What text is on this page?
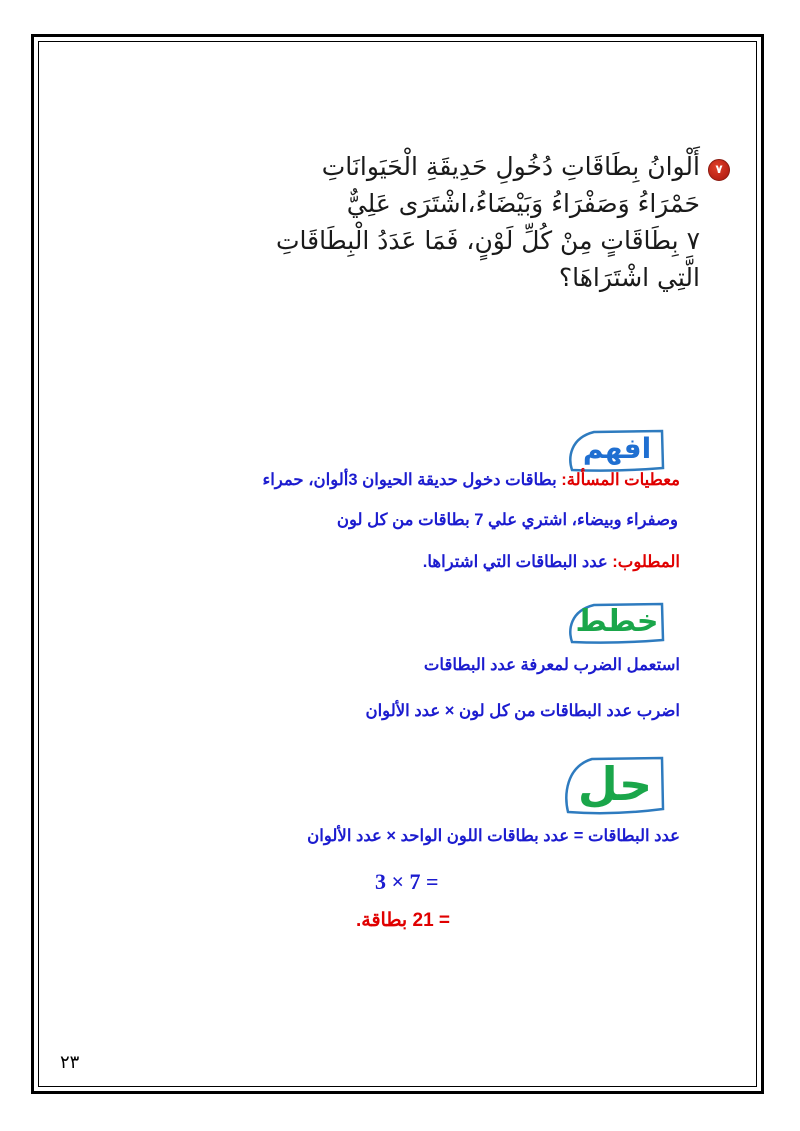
٧
أَلْوانُ بِطَاقَاتِ دُخُولِ حَدِيقَةِ الْحَيَوانَاتِ
حَمْرَاءُ وَصَفْرَاءُ وَبَيْضَاءُ،اشْتَرَى عَلِيٌّ
٧ بِطَاقَاتٍ مِنْ كُلِّ لَوْنٍ، فَمَا عَدَدُ الْبِطَاقَاتِ
الَّتِي اشْتَرَاهَا؟
افهم
معطيات المسألة: بطاقات دخول حديقة الحيوان 3ألوان، حمراء
وصفراء وبيضاء، اشتري علي 7 بطاقات من كل لون
المطلوب: عدد البطاقات التي اشتراها.
خطط
استعمل الضرب لمعرفة عدد البطاقات
اضرب عدد البطاقات من كل لون × عدد الألوان
حل
عدد البطاقات = عدد بطاقات اللون الواحد × عدد الألوان
3 × 7 =
= 21 بطاقة.
٢٣
